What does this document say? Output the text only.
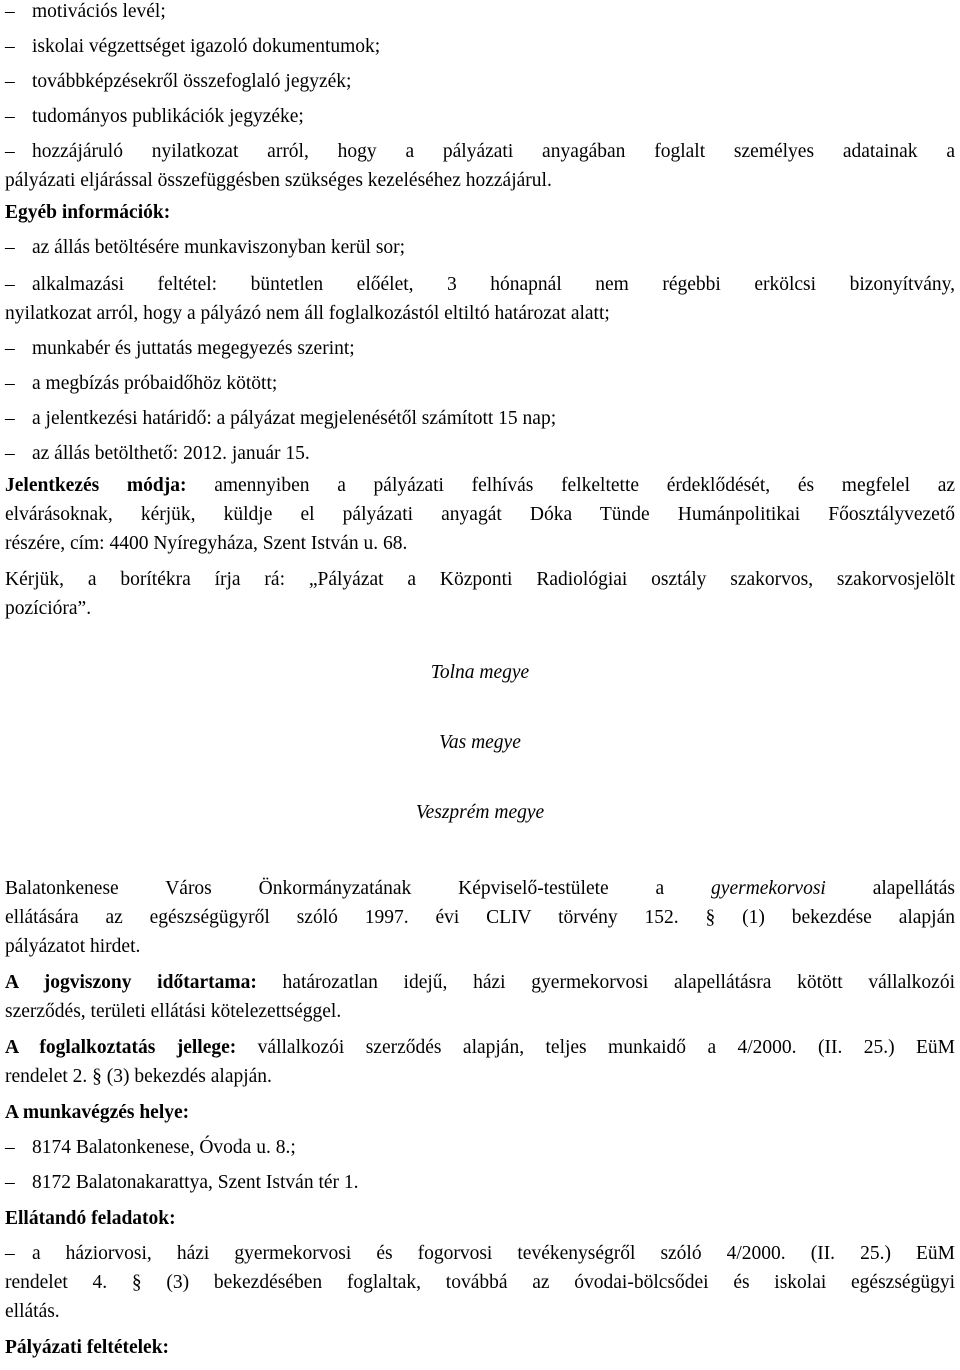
– motivációs levél;
– iskolai végzettséget igazoló dokumentumok;
– továbbképzésekről összefoglaló jegyzék;
– tudományos publikációk jegyzéke;
– hozzájáruló nyilatkozat arról, hogy a pályázati anyagában foglalt személyes adatainak a
pályázati eljárással összefüggésben szükséges kezeléséhez hozzájárul.
Egyéb információk:
– az állás betöltésére munkaviszonyban kerül sor;
– alkalmazási feltétel: büntetlen előélet, 3 hónapnál nem régebbi erkölcsi bizonyítvány,
nyilatkozat arról, hogy a pályázó nem áll foglalkozástól eltiltó határozat alatt;
– munkabér és juttatás megegyezés szerint;
– a megbízás próbaidőhöz kötött;
– a jelentkezési határidő: a pályázat megjelenésétől számított 15 nap;
– az állás betölthető: 2012. január 15.
Jelentkezés módja: amennyiben a pályázati felhívás felkeltette érdeklődését, és megfelel az
elvárásoknak, kérjük, küldje el pályázati anyagát Dóka Tünde Humánpolitikai Főosztályvezető
részére, cím: 4400 Nyíregyháza, Szent István u. 68.
Kérjük, a borítékra írja rá: „Pályázat a Központi Radiológiai osztály szakorvos, szakorvosjelölt
pozícióra”.
Tolna megye
Vas megye
Veszprém megye
Balatonkenese Város Önkormányzatának Képviselő-testülete a gyermekorvosi alapellátás
ellátására az egészségügyről szóló 1997. évi CLIV törvény 152. § (1) bekezdése alapján
pályázatot hirdet.
A jogviszony időtartama: határozatlan idejű, házi gyermekorvosi alapellátásra kötött vállalkozói
szerződés, területi ellátási kötelezettséggel.
A foglalkoztatás jellege: vállalkozói szerződés alapján, teljes munkaidő a 4/2000. (II. 25.) EüM
rendelet 2. § (3) bekezdés alapján.
A munkavégzés helye:
– 8174 Balatonkenese, Óvoda u. 8.;
– 8172 Balatonakarattya, Szent István tér 1.
Ellátandó feladatok:
– a háziorvosi, házi gyermekorvosi és fogorvosi tevékenységről szóló 4/2000. (II. 25.) EüM
rendelet 4. § (3) bekezdésében foglaltak, továbbá az óvodai-bölcsődei és iskolai egészségügyi
ellátás.
Pályázati feltételek:
